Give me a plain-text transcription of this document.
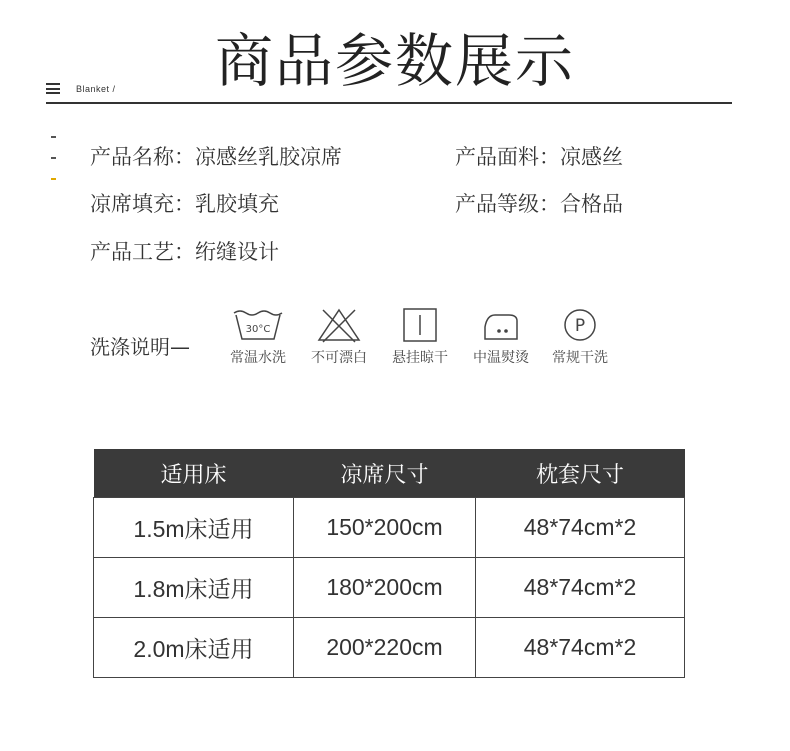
商品参数展示
Blanket /
产品名称：凉感丝乳胶凉席	产品面料：凉感丝
凉席填充：乳胶填充	产品等级：合格品
产品工艺：绗缝设计
洗涤说明—
30°C
常温水洗	不可漂白	悬挂晾干	中温熨烫
P
常规干洗
适用床	凉席尺寸	枕套尺寸
1.5m床适用	150*200cm	48*74cm*2
1.8m床适用	180*200cm	48*74cm*2
2.0m床适用	200*220cm	48*74cm*2
